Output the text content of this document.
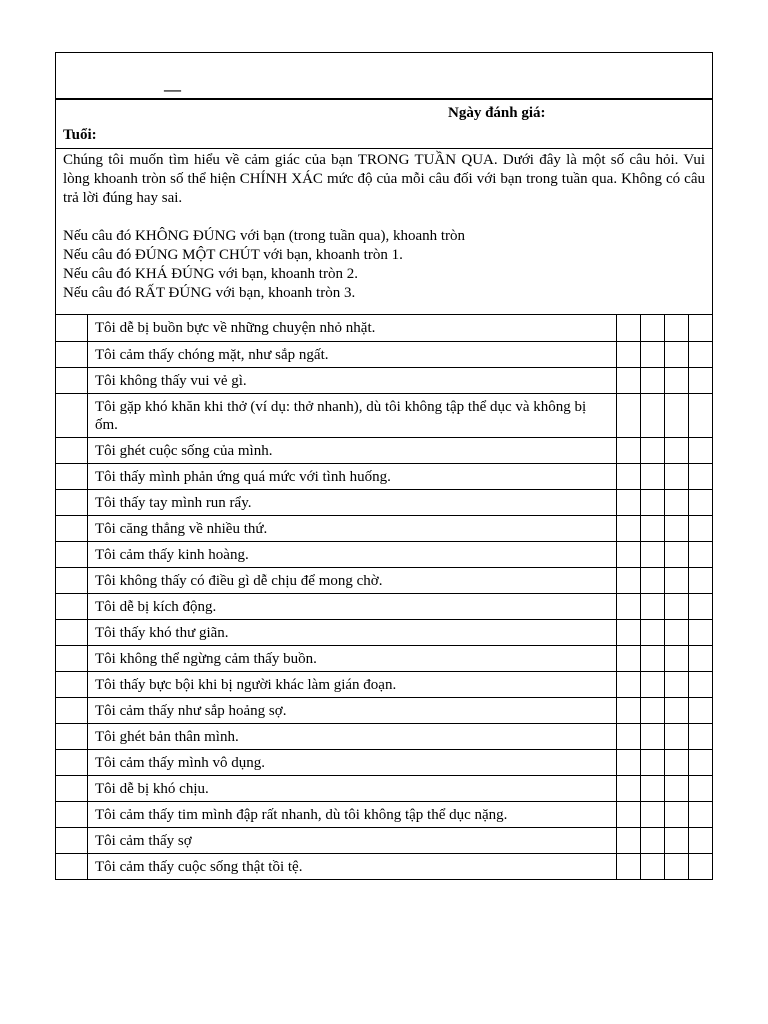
—
Ngày đánh giá:
Tuổi:

Chúng tôi muốn tìm hiểu về cảm giác của bạn TRONG TUẦN QUA. Dưới đây là một số câu hỏi. Vui lòng khoanh tròn số thể hiện CHÍNH XÁC mức độ của mỗi câu đối với bạn trong tuần qua. Không có câu trả lời đúng hay sai.

Nếu câu đó KHÔNG ĐÚNG với bạn (trong tuần qua), khoanh tròn

Nếu câu đó ĐÚNG MỘT CHÚT với bạn, khoanh tròn 1.

Nếu câu đó KHÁ ĐÚNG với bạn, khoanh tròn 2.

Nếu câu đó RẤT ĐÚNG với bạn, khoanh tròn 3.

	Tôi dễ bị buồn bực về những chuyện nhỏ nhặt.				
	Tôi cảm thấy chóng mặt, như sắp ngất.				
	Tôi không thấy vui vẻ gì.				
	Tôi gặp khó khăn khi thở (ví dụ: thở nhanh), dù tôi không tập thể dục và không bị ốm.				
	Tôi ghét cuộc sống của mình.				
	Tôi thấy mình phản ứng quá mức với tình huống.				
	Tôi thấy tay mình run rẩy.				
	Tôi căng thẳng về nhiều thứ.				
	Tôi cảm thấy kinh hoàng.				
	Tôi không thấy có điều gì dễ chịu để mong chờ.				
	Tôi dễ bị kích động.				
	Tôi thấy khó thư giãn.				
	Tôi không thể ngừng cảm thấy buồn.				
	Tôi thấy bực bội khi bị người khác làm gián đoạn.				
	Tôi cảm thấy như sắp hoảng sợ.				
	Tôi ghét bản thân mình.				
	Tôi cảm thấy mình vô dụng.				
	Tôi dễ bị khó chịu.				
	Tôi cảm thấy tim mình đập rất nhanh, dù tôi không tập thể dục nặng.				
	Tôi cảm thấy sợ				
	Tôi cảm thấy cuộc sống thật tồi tệ.				
